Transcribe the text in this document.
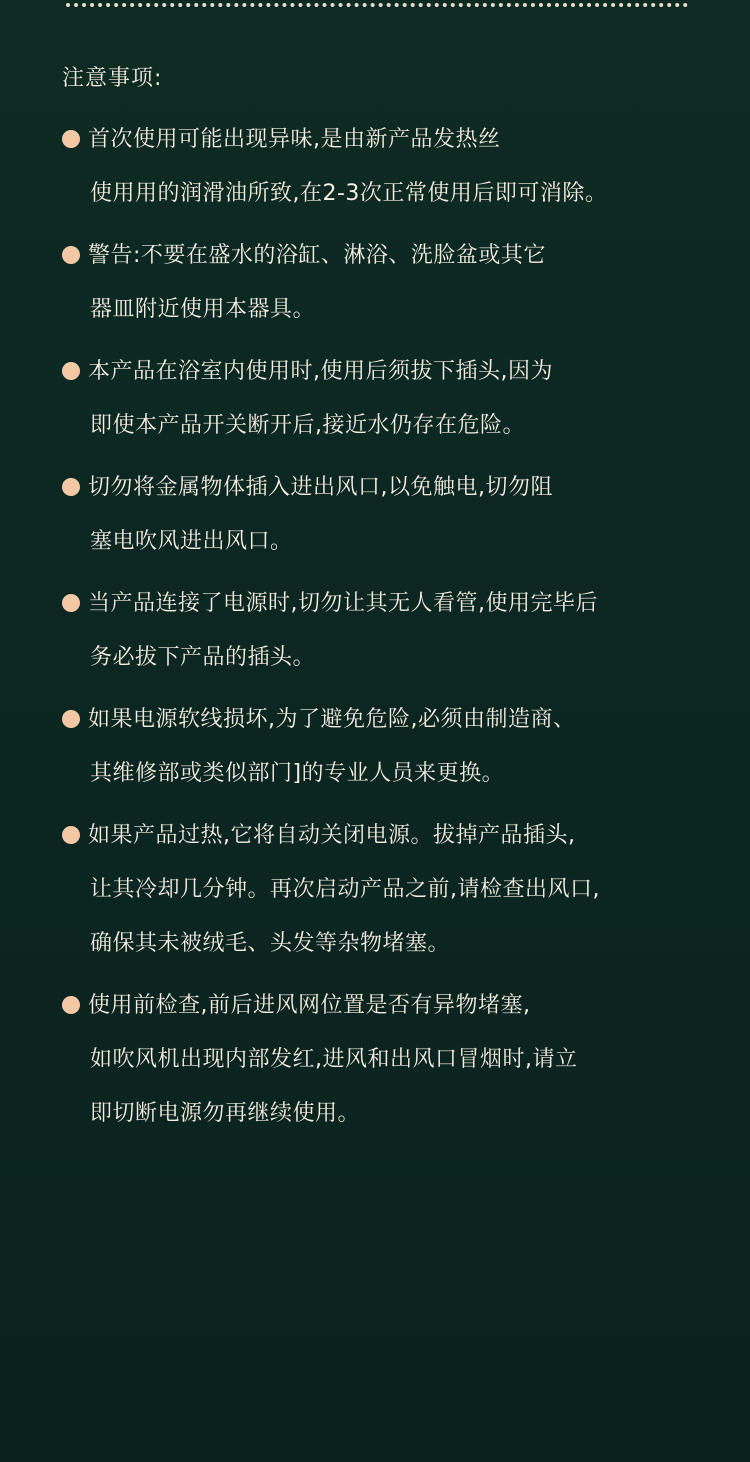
注意事项:
首次使用可能出现异味,是由新产品发热丝
使用用的润滑油所致,在2-3次正常使用后即可消除。
警告:不要在盛水的浴缸、淋浴、洗脸盆或其它
器皿附近使用本器具。
本产品在浴室内使用时,使用后须拔下插头,因为
即使本产品开关断开后,接近水仍存在危险。
切勿将金属物体插入进出风口,以免触电,切勿阻
塞电吹风进出风口。
当产品连接了电源时,切勿让其无人看管,使用完毕后
务必拔下产品的插头。
如果电源软线损坏,为了避免危险,必须由制造商、
其维修部或类似部门]的专业人员来更换。
如果产品过热,它将自动关闭电源。拔掉产品插头,
让其冷却几分钟。再次启动产品之前,请检查出风口,
确保其未被绒毛、头发等杂物堵塞。
使用前检查,前后进风网位置是否有异物堵塞,
如吹风机出现内部发红,进风和出风口冒烟时,请立
即切断电源勿再继续使用。
